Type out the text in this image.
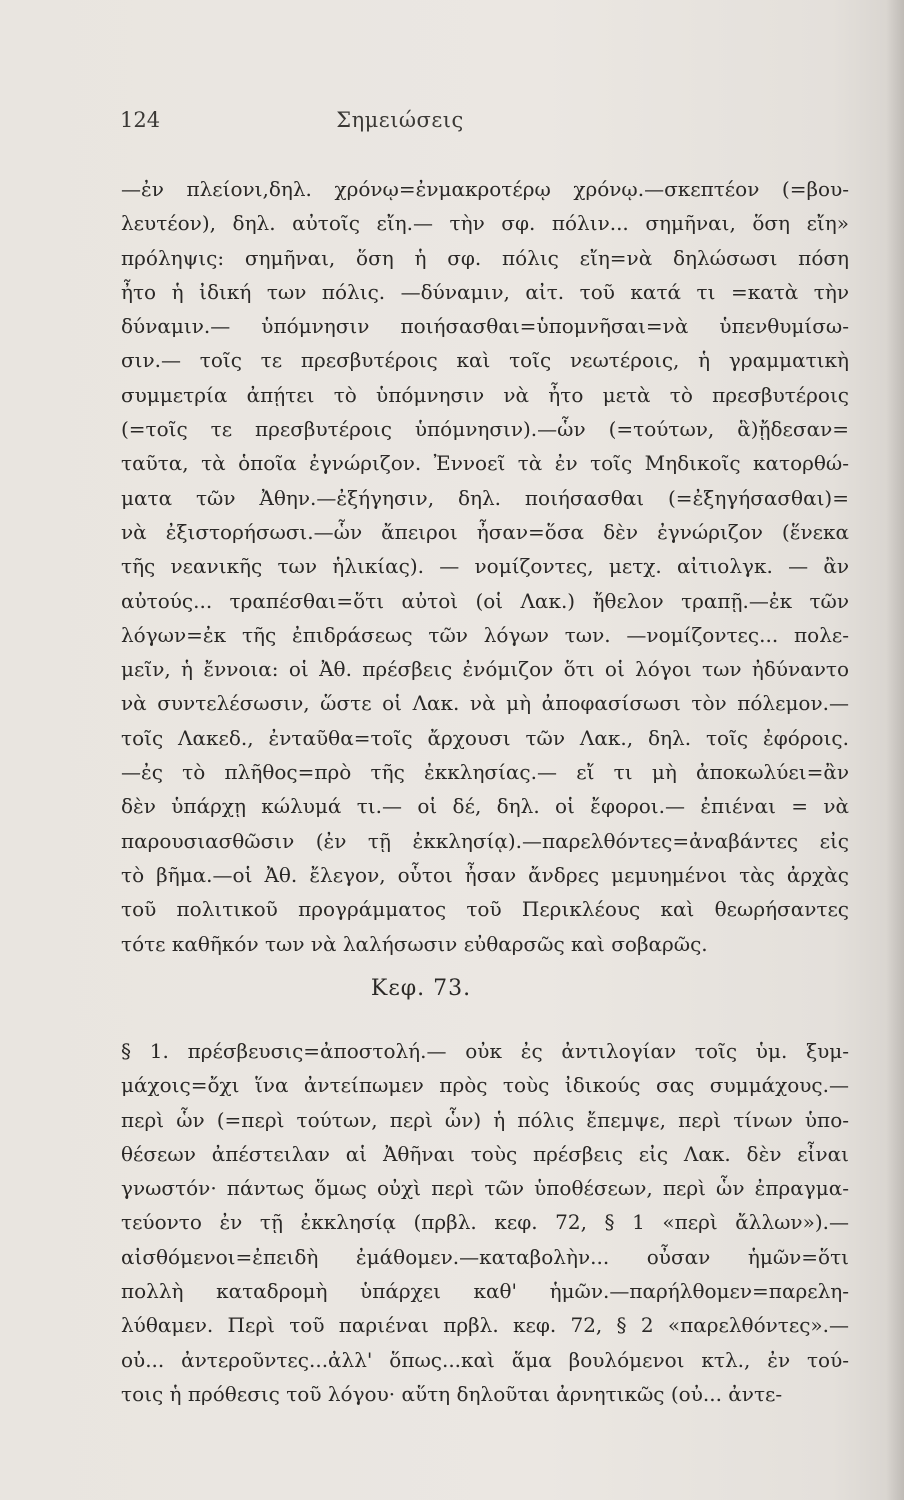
124	Σημειώσεις
—ἐν πλείονι,δηλ. χρόνῳ=ἐνμακροτέρῳ χρόνῳ.—σκεπτέον (=βου-
λευτέον), δηλ. αὐτοῖς εἴη.— τὴν σφ. πόλιν... σημῆναι, ὅση εἴη»
πρόληψις: σημῆναι, ὅση ἡ σφ. πόλις εἴη=νὰ δηλώσωσι πόση
ἦτο ἡ ἰδική των πόλις. —δύναμιν, αἰτ. τοῦ κατά τι =κατὰ τὴν
δύναμιν.— ὑπόμνησιν ποιήσασθαι=ὑπομνῆσαι=νὰ ὑπενθυμίσω-
σιν.— τοῖς τε πρεσβυτέροις καὶ τοῖς νεωτέροις, ἡ γραμματικὴ
συμμετρία ἀπῄτει τὸ ὑπόμνησιν νὰ ἦτο μετὰ τὸ πρεσβυτέροις
(=τοῖς τε πρεσβυτέροις ὑπόμνησιν).—ὧν (=τούτων, ἃ)ᾔδεσαν=
ταῦτα, τὰ ὁποῖα ἐγνώριζον. Ἐννοεῖ τὰ ἐν τοῖς Μηδικοῖς κατορθώ-
ματα τῶν Ἀθην.—ἐξήγησιν, δηλ. ποιήσασθαι (=ἐξηγήσασθαι)=
νὰ ἐξιστορήσωσι.—ὧν ἄπειροι ἦσαν=ὅσα δὲν ἐγνώριζον (ἕνεκα
τῆς νεανικῆς των ἡλικίας). — νομίζοντες, μετχ. αἰτιολγκ. — ἂν
αὐτούς... τραπέσθαι=ὅτι αὐτοὶ (οἱ Λακ.) ἤθελον τραπῇ.—ἐκ τῶν
λόγων=ἐκ τῆς ἐπιδράσεως τῶν λόγων των. —νομίζοντες... πολε-
μεῖν, ἡ ἔννοια: οἱ Ἀθ. πρέσβεις ἐνόμιζον ὅτι οἱ λόγοι των ἠδύναντο
νὰ συντελέσωσιν, ὥστε οἱ Λακ. νὰ μὴ ἀποφασίσωσι τὸν πόλεμον.—
τοῖς Λακεδ., ἐνταῦθα=τοῖς ἄρχουσι τῶν Λακ., δηλ. τοῖς ἐφόροις.
—ἐς τὸ πλῆθος=πρὸ τῆς ἐκκλησίας.— εἴ τι μὴ ἀποκωλύει=ἂν
δὲν ὑπάρχῃ κώλυμά τι.— οἱ δέ, δηλ. οἱ ἔφοροι.— ἐπιέναι = νὰ
παρουσιασθῶσιν (ἐν τῇ ἐκκλησίᾳ).—παρελθόντες=ἀναβάντες εἰς
τὸ βῆμα.—οἱ Ἀθ. ἔλεγον, οὗτοι ἦσαν ἄνδρες μεμυημένοι τὰς ἀρχὰς
τοῦ πολιτικοῦ προγράμματος τοῦ Περικλέους καὶ θεωρήσαντες
τότε καθῆκόν των νὰ λαλήσωσιν εὐθαρσῶς καὶ σοβαρῶς.
Κεφ. 73.
§ 1. πρέσβευσις=ἀποστολή.— οὐκ ἐς ἀντιλογίαν τοῖς ὑμ. ξυμ-
μάχοις=ὄχι ἵνα ἀντείπωμεν πρὸς τοὺς ἰδικούς σας συμμάχους.—
περὶ ὧν (=περὶ τούτων, περὶ ὧν) ἡ πόλις ἔπεμψε, περὶ τίνων ὑπο-
θέσεων ἀπέστειλαν αἱ Ἀθῆναι τοὺς πρέσβεις εἰς Λακ. δὲν εἶναι
γνωστόν· πάντως ὅμως οὐχὶ περὶ τῶν ὑποθέσεων, περὶ ὧν ἐπραγμα-
τεύοντο ἐν τῇ ἐκκλησίᾳ (πρβλ. κεφ. 72, § 1 «περὶ ἄλλων»).—
αἰσθόμενοι=ἐπειδὴ ἐμάθομεν.—καταβολὴν... οὖσαν ἡμῶν=ὅτι
πολλὴ καταδρομὴ ὑπάρχει καθ' ἡμῶν.—παρήλθομεν=παρελη-
λύθαμεν. Περὶ τοῦ παριέναι πρβλ. κεφ. 72, § 2 «παρελθόντες».—
οὐ... ἀντεροῦντες...ἀλλ' ὅπως...καὶ ἅμα βουλόμενοι κτλ., ἐν τού-
τοις ἡ πρόθεσις τοῦ λόγου· αὕτη δηλοῦται ἀρνητικῶς (οὐ... ἀντε-
